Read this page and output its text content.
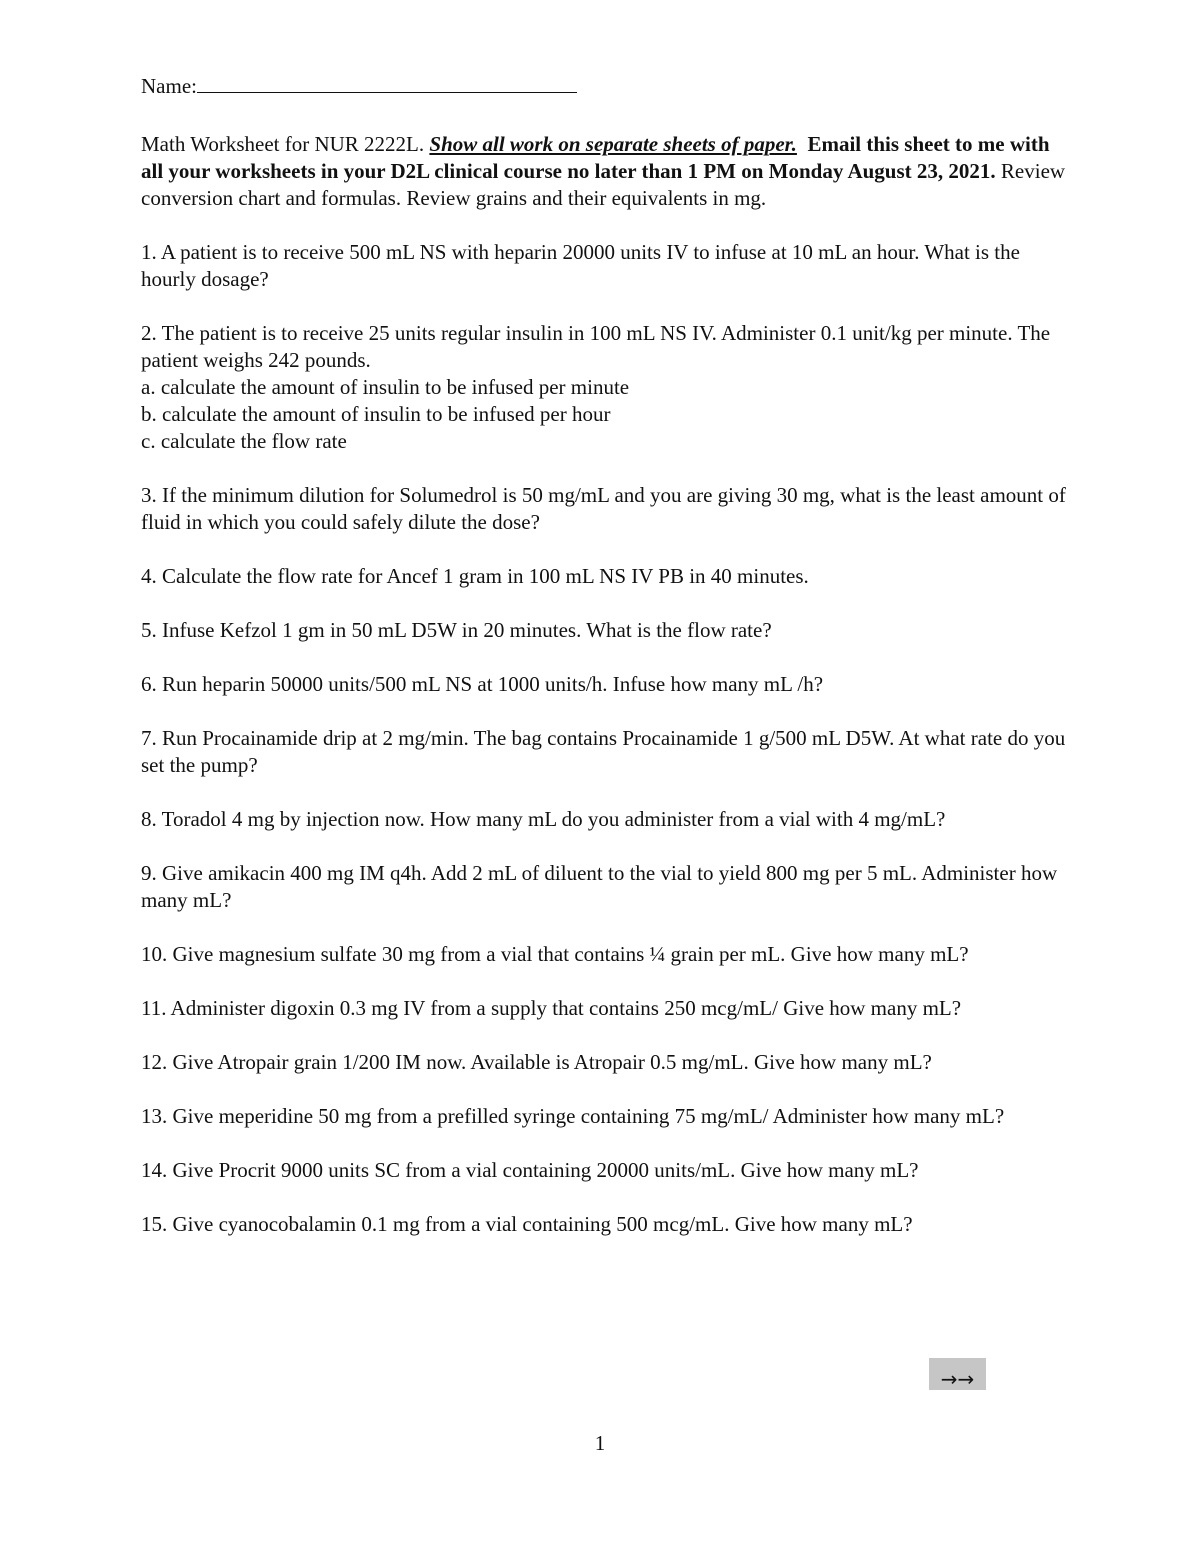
Name:
Math Worksheet for NUR 2222L. Show all work on separate sheets of paper. Email this sheet to me with all your worksheets in your D2L clinical course no later than 1 PM on Monday August 23, 2021. Review conversion chart and formulas. Review grains and their equivalents in mg.
1. A patient is to receive 500 mL NS with heparin 20000 units IV to infuse at 10 mL an hour. What is the hourly dosage?
2. The patient is to receive 25 units regular insulin in 100 mL NS IV. Administer 0.1 unit/kg per minute. The patient weighs 242 pounds.
a. calculate the amount of insulin to be infused per minute
b. calculate the amount of insulin to be infused per hour
c. calculate the flow rate
3. If the minimum dilution for Solumedrol is 50 mg/mL and you are giving 30 mg, what is the least amount of fluid in which you could safely dilute the dose?
4. Calculate the flow rate for Ancef 1 gram in 100 mL NS IV PB in 40 minutes.
5. Infuse Kefzol 1 gm in 50 mL D5W in 20 minutes. What is the flow rate?
6. Run heparin 50000 units/500 mL NS at 1000 units/h. Infuse how many mL /h?
7. Run Procainamide drip at 2 mg/min. The bag contains Procainamide 1 g/500 mL D5W. At what rate do you set the pump?
8. Toradol 4 mg by injection now. How many mL do you administer from a vial with 4 mg/mL?
9. Give amikacin 400 mg IM q4h. Add 2 mL of diluent to the vial to yield 800 mg per 5 mL. Administer how many mL?
10. Give magnesium sulfate 30 mg from a vial that contains ¼ grain per mL. Give how many mL?
11. Administer digoxin 0.3 mg IV from a supply that contains 250 mcg/mL/ Give how many mL?
12. Give Atropair grain 1/200 IM now. Available is Atropair 0.5 mg/mL. Give how many mL?
13. Give meperidine 50 mg from a prefilled syringe containing 75 mg/mL/ Administer how many mL?
14. Give Procrit 9000 units SC from a vial containing 20000 units/mL. Give how many mL?
15. Give cyanocobalamin 0.1 mg from a vial containing 500 mcg/mL. Give how many mL?
→→
1
